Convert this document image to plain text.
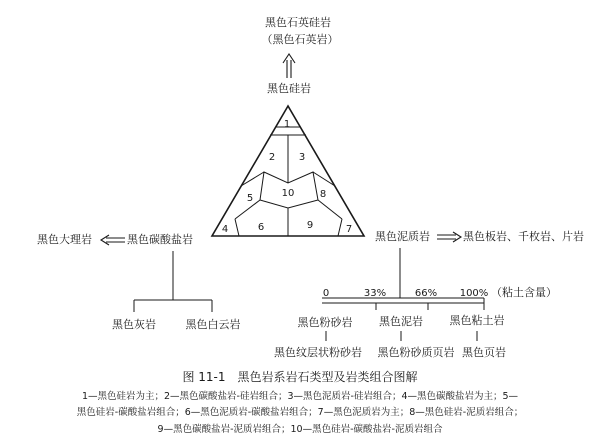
黑色石英硅岩
（黑色石英岩）
黑色硅岩
1
2 3
4
5
6	7
8
9
10
黑色大理岩	黑色碳酸盐岩
黑色灰岩	黑色白云岩
黑色泥质岩	黑色板岩、千枚岩、片岩
0	33%	66% 100% （粘土含量）
黑色粉砂岩 黑色泥岩 黑色粘土岩
黑色纹层状粉砂岩 黑色粉砂质页岩 黑色页岩
图 11-1　黑色岩系岩石类型及岩类组合图解
1—黑色硅岩为主；2—黑色碳酸盐岩-硅岩组合；3—黑色泥质岩-硅岩组合；4—黑色碳酸盐岩为主；5—
黑色硅岩-碳酸盐岩组合；6—黑色泥质岩-碳酸盐岩组合；7—黑色泥质岩为主；8—黑色硅岩-泥质岩组合；
9—黑色碳酸盐岩-泥质岩组合；10—黑色硅岩-碳酸盐岩-泥质岩组合
